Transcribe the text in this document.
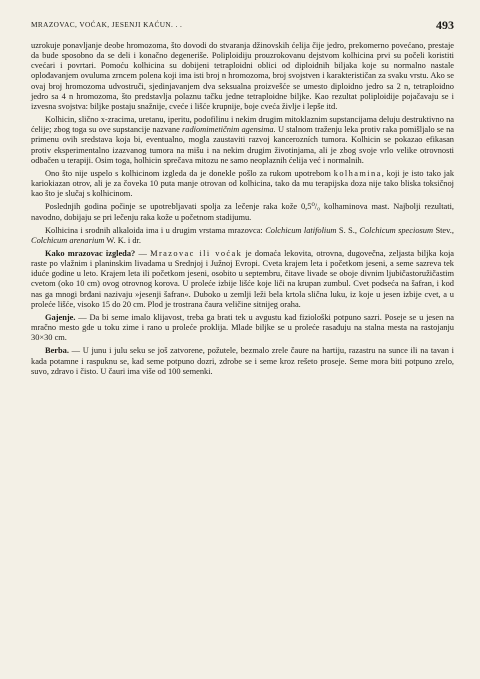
MRAZOVAC, VOĆAK, JESENJI KAĆUN. . .	493

uzrokuje ponavljanje deobe hromozoma, što dovodi do stvaranja džinovskih ćelija čije jedro, prekomerno povećano, prestaje da bude sposobno da se deli i konačno degeneriše. Poliploidiju prouzrokovanu dejstvom kolhicina prvi su počeli koristiti cvećari i povrtari. Pomoću kolhicina su dobijeni tetraploidni oblici od diploidnih biljaka koje su normalno nastale oplođavanjem ovuluma zrncem polena koji ima isti broj n hromozoma, broj svojstven i karakterističan za svaku vrstu. Ako se ovaj broj hromozoma udvostruči, sjedinjavanjem dva seksualna proizvešće se umesto diploidno jedro sa 2 n, tetraploidno jedro sa 4 n hromozoma, što predstavlja polaznu tačku jedne tetraploidne biljke. Kao rezultat poliploidije pojačavaju se i izvesna svojstva: biljke postaju snažnije, cveće i lišće krupnije, boje cveća življe i lepše itd.

Kolhicin, slično x-zracima, uretanu, iperitu, podofilinu i nekim drugim mitoklaznim supstancijama deluju destruktivno na ćelije; zbog toga su ove supstancije nazvane radiomimetičnim agensima. U stalnom traženju leka protiv raka pomišljalo se na primenu ovih sredstava koja bi, eventualno, mogla zaustaviti razvoj kancerozních tumora. Kolhicin se pokazao efikasan protiv eksperimentalno izazvanog tumora na mišu i na nekim drugim životinjama, ali je zbog svoje vrlo velike otrovnosti odbačen u terapiji. Osim toga, holhicin sprečava mitozu ne samo neoplaznih ćelija već i normalnih.

Ono što nije uspelo s kolhicinom izgleda da je donekle pošlo za rukom upotrebom kolhamina, koji je isto tako jak kariokiazan otrov, ali je za čoveka 10 puta manje otrovan od kolhicina, tako da mu terapijska doza nije tako bliska toksičnoj kao što je slučaj s kolhicinom.

Poslednjih godina počinje se upotrebljavati spolja za lečenje raka kože 0,5⁰/₀ kolhaminova mast. Najbolji rezultati, navodno, dobijaju se pri lečenju raka kože u početnom stadijumu.

Kolhicina i srodnih alkaloida ima i u drugim vrstama mrazovca: Colchicum latifolium S. S., Colchicum speciosum Stev., Colchicum arenarium W. K. i dr.

Kako mrazovac izgleda? — Mrazovac ili voćak je domaća lekovita, otrovna, dugovečna, zeljasta biljka koja raste po vlažnim i planinskim livadama u Srednjoj i Južnoj Evropi. Cveta krajem leta i početkom jeseni, a seme sazreva tek iduće godine u leto. Krajem leta ili početkom jeseni, osobito u septembru, čitave livade se oboje divnim ljubičastoružičastim cvetom (oko 10 cm) ovog otrovnog korova. U proleće izbije lišće koje liči na krupan zumbul. Cvet podseća na šafran, i kod nas ga mnogi brđani nazivaju »jesenji šafran«. Duboko u zemlji leži bela krtola slična luku, iz koje u jesen izbije cvet, a u proleće lišće, visoko 15 do 20 cm. Plod je trostrana čaura veličine sitnijeg oraha.

Gajenje. — Da bi seme imalo klijavost, treba ga brati tek u avgustu kad fiziološki potpuno sazri. Posejе se u jesen na mračno mesto gde u toku zime i rano u proleće proklija. Mlade biljke se u proleće rasađuju na stalna mesta na rastojanju 30×30 cm.

Berba. — U junu i julu seku se još zatvorene, požutele, bezmalo zrele čaure na hartiju, razastru na sunce ili na tavan i kada potamne i raspuknu se, kad seme potpuno dozri, zdrobe se i seme kroz rešeto proseje. Seme mora biti potpuno zrelo, suvo, zdravo i čisto. U čauri ima više od 100 semenki.
